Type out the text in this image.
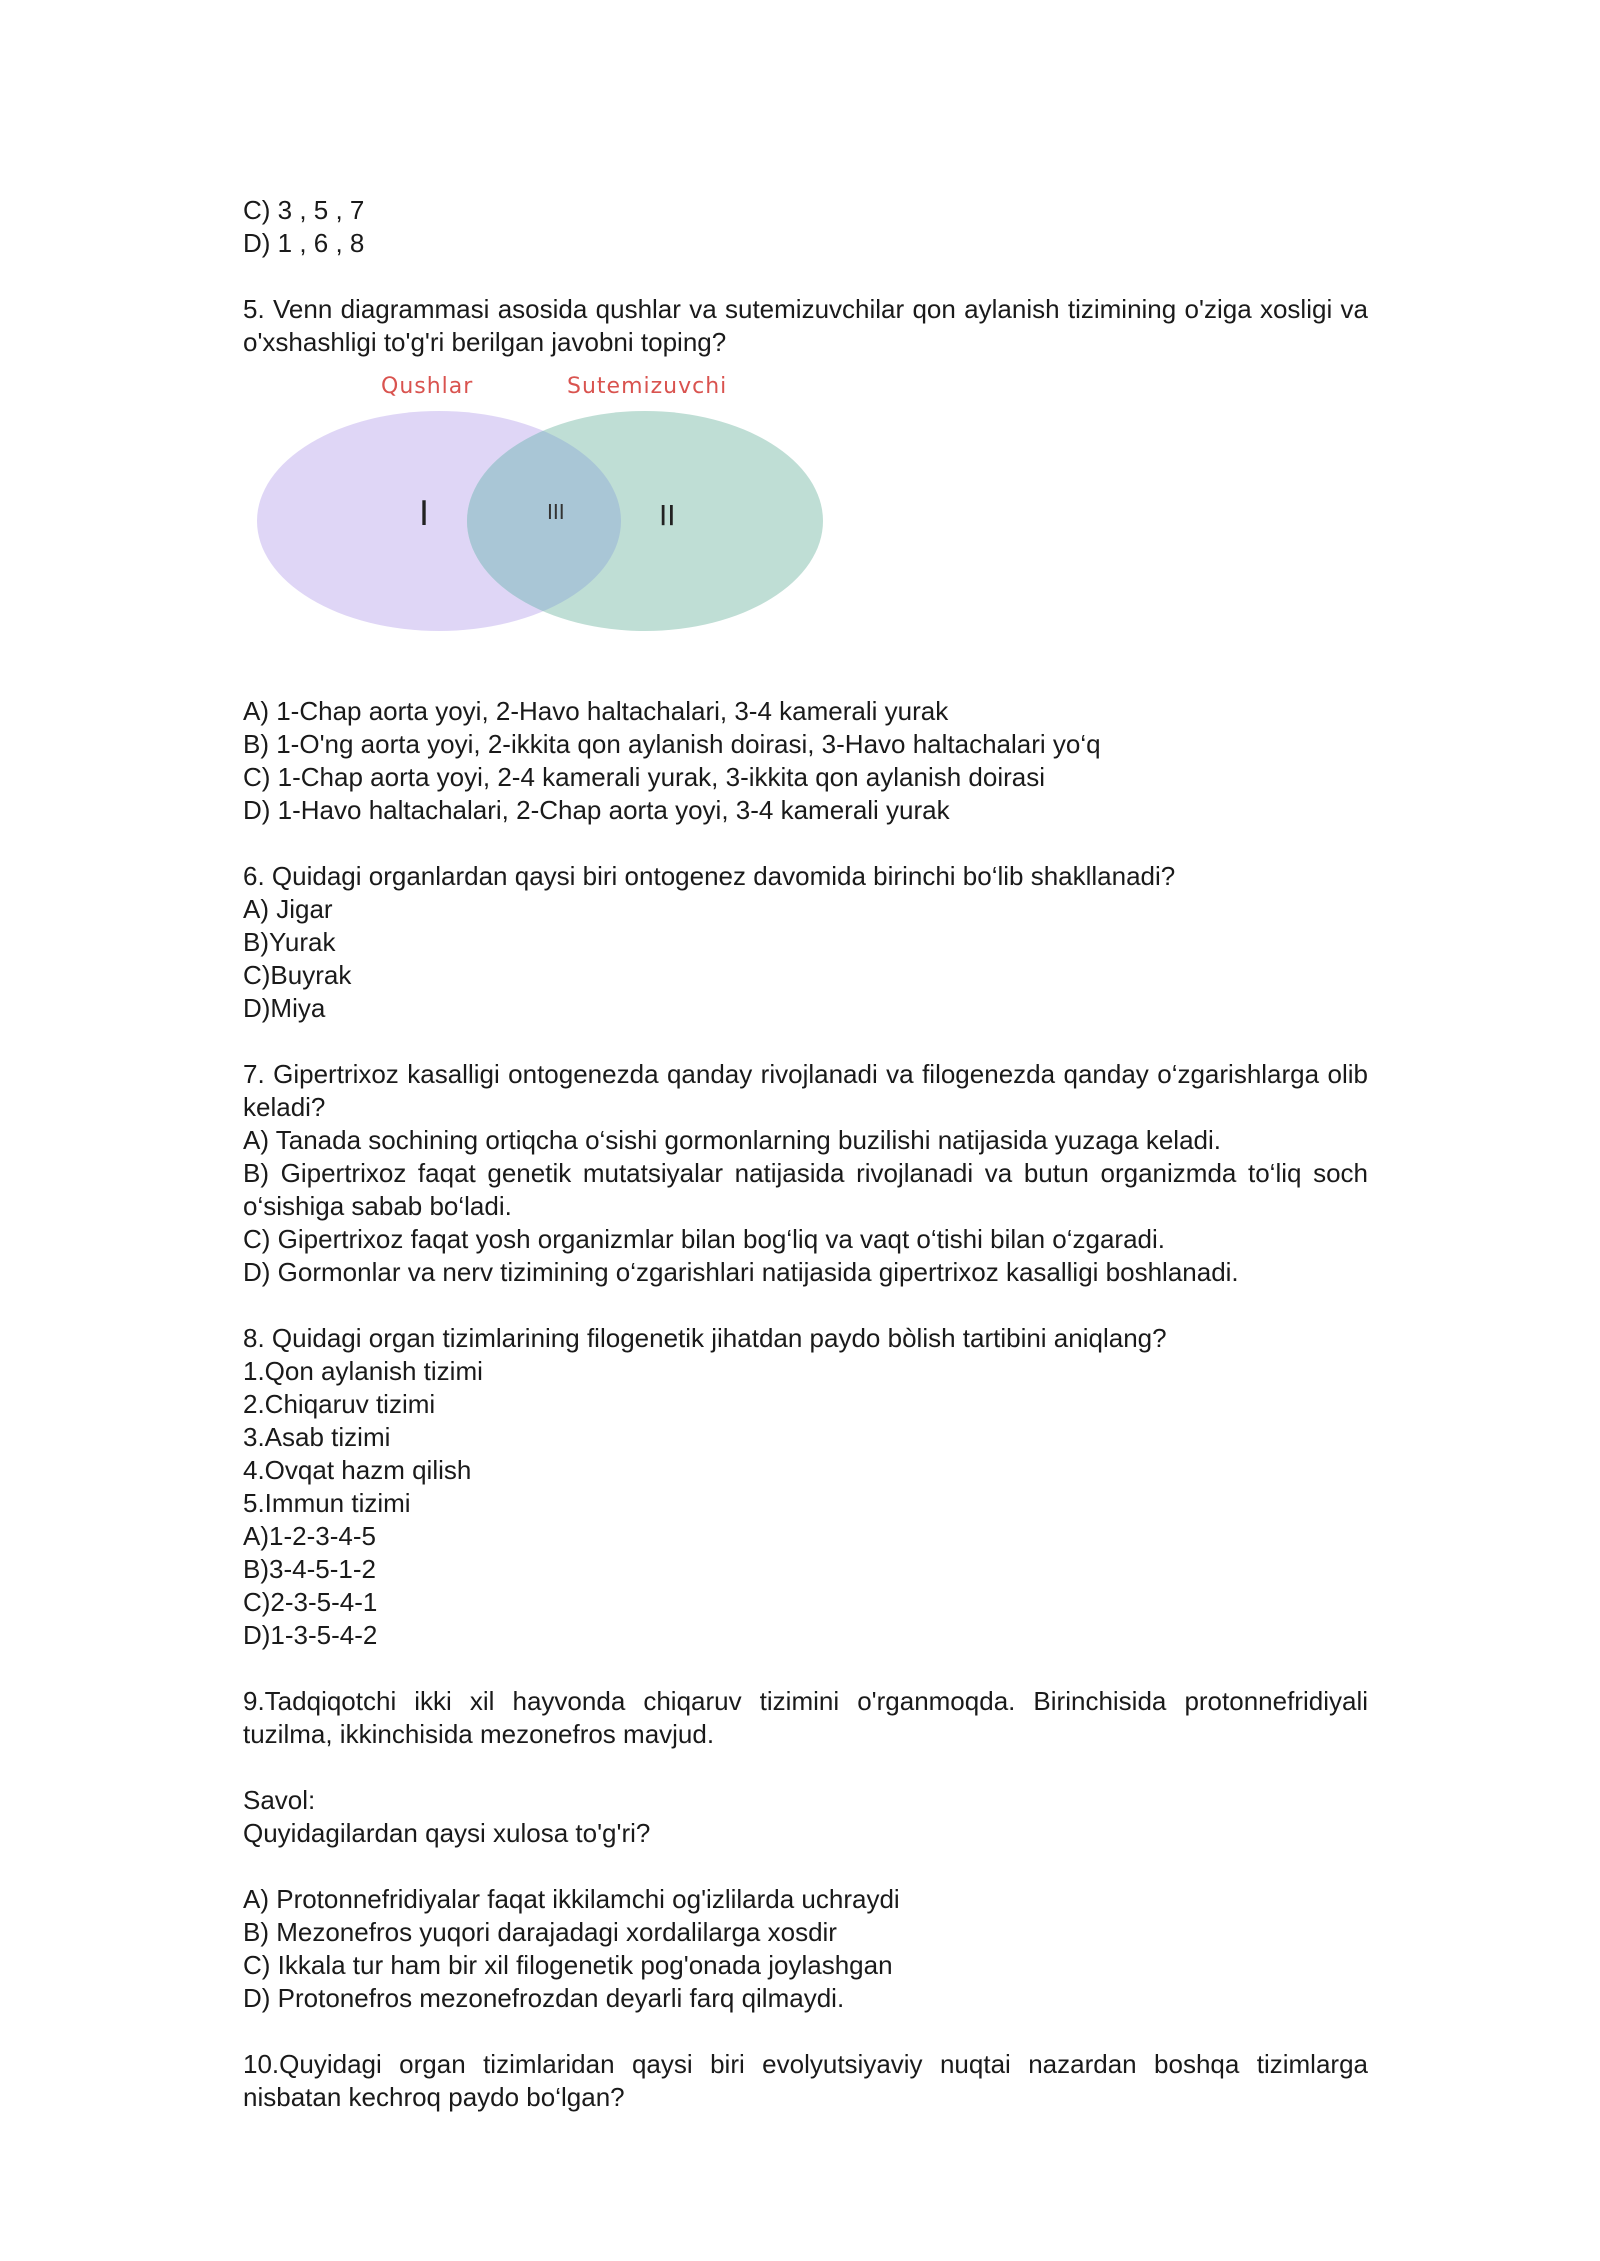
C) 3 , 5 , 7
D) 1 , 6 , 8
5. Venn diagrammasi asosida qushlar va sutemizuvchilar qon aylanish tizimining o'ziga xosligi va o'xshashligi to'g'ri berilgan javobni toping?
Qushlar	Sutemizuvchi
I	III	II
A) 1-Chap aorta yoyi, 2-Havo haltachalari, 3-4 kamerali yurak
B) 1-O'ng aorta yoyi, 2-ikkita qon aylanish doirasi, 3-Havo haltachalari yo‘q
C) 1-Chap aorta yoyi, 2-4 kamerali yurak, 3-ikkita qon aylanish doirasi
D) 1-Havo haltachalari, 2-Chap aorta yoyi, 3-4 kamerali yurak
6. Quidagi organlardan qaysi biri ontogenez davomida birinchi bo‘lib shakllanadi?
A) Jigar
B)Yurak
C)Buyrak
D)Miya
7. Gipertrixoz kasalligi ontogenezda qanday rivojlanadi va filogenezda qanday o‘zgarishlarga olib keladi?
A) Tanada sochining ortiqcha o‘sishi gormonlarning buzilishi natijasida yuzaga keladi.
B) Gipertrixoz faqat genetik mutatsiyalar natijasida rivojlanadi va butun organizmda to‘liq soch o‘sishiga sabab bo‘ladi.
C) Gipertrixoz faqat yosh organizmlar bilan bog‘liq va vaqt o‘tishi bilan o‘zgaradi.
D) Gormonlar va nerv tizimining o‘zgarishlari natijasida gipertrixoz kasalligi boshlanadi.
8. Quidagi organ tizimlarining filogenetik jihatdan paydo bòlish tartibini aniqlang?
1.Qon aylanish tizimi
2.Chiqaruv tizimi
3.Asab tizimi
4.Ovqat hazm qilish
5.Immun tizimi
A)1-2-3-4-5
B)3-4-5-1-2
C)2-3-5-4-1
D)1-3-5-4-2
9.Tadqiqotchi ikki xil hayvonda chiqaruv tizimini o'rganmoqda. Birinchisida protonnefridiyali tuzilma, ikkinchisida mezonefros mavjud.
Savol:
Quyidagilardan qaysi xulosa to'g'ri?
A) Protonnefridiyalar faqat ikkilamchi og'izlilarda uchraydi
B) Mezonefros yuqori darajadagi xordalilarga xosdir
C) Ikkala tur ham bir xil filogenetik pog'onada joylashgan
D) Protonefros mezonefrozdan deyarli farq qilmaydi.
10.Quyidagi organ tizimlaridan qaysi biri evolyutsiyaviy nuqtai nazardan boshqa tizimlarga nisbatan kechroq paydo bo‘lgan?
